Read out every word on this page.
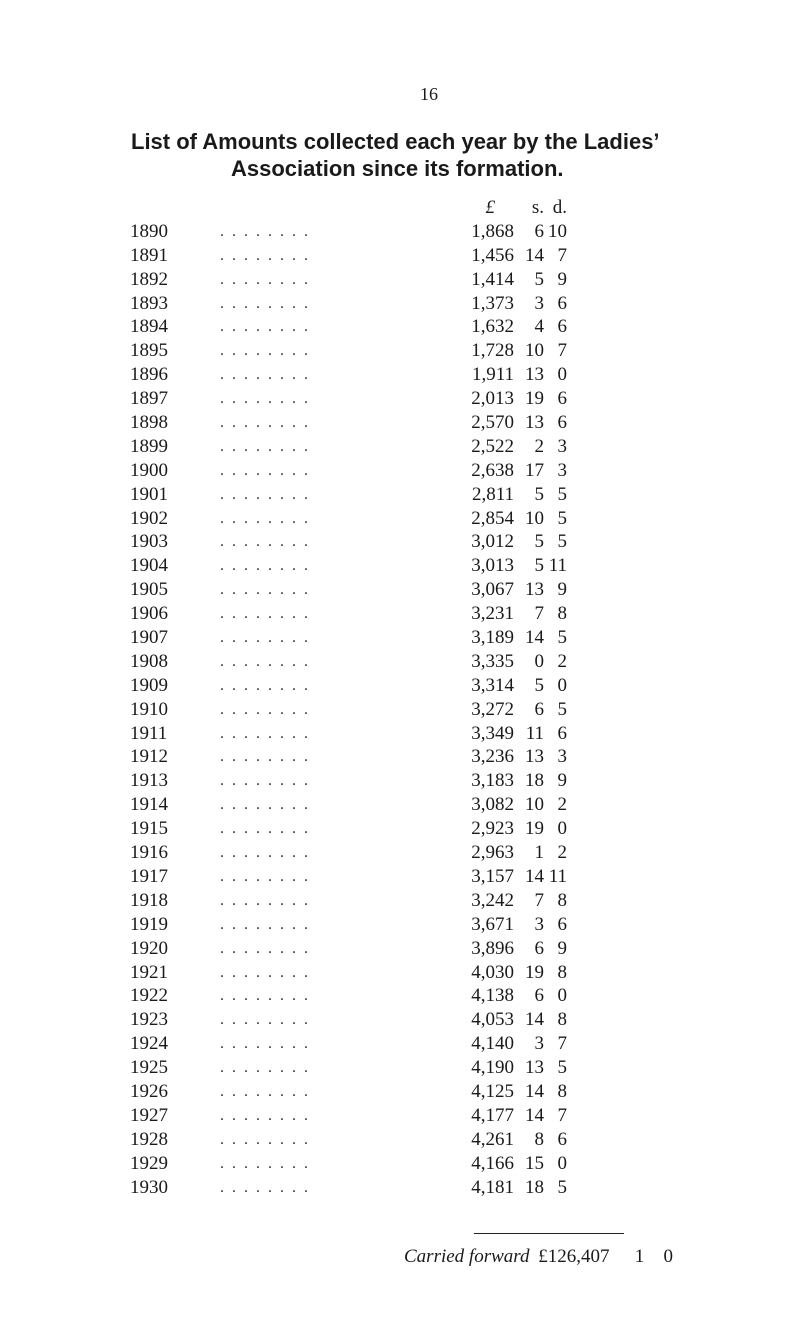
16
List of Amounts collected each year by the Ladies’
Association since its formation.
£	s. d.
1890	. . . . . . . .	1,868	6 10
1891	. . . . . . . .	1,456 14 7
1892	. . . . . . . .	1,414	5 9
1893	. . . . . . . .	1,373	3 6
1894	. . . . . . . .	1,632	4 6
1895	. . . . . . . .	1,728 10 7
1896	. . . . . . . .	1,911 13 0
1897	. . . . . . . .	2,013 19 6
1898	. . . . . . . .	2,570 13 6
1899	. . . . . . . .	2,522	2 3
1900	. . . . . . . .	2,638 17 3
1901	. . . . . . . .	2,811	5 5
1902	. . . . . . . .	2,854 10 5
1903	. . . . . . . .	3,012	5 5
1904	. . . . . . . .	3,013	5 11
1905	. . . . . . . .	3,067 13 9
1906	. . . . . . . .	3,231	7 8
1907	. . . . . . . .	3,189 14 5
1908	. . . . . . . .	3,335	0 2
1909	. . . . . . . .	3,314	5 0
1910	. . . . . . . .	3,272	6 5
1911	. . . . . . . .	3,349 11 6
1912	. . . . . . . .	3,236 13 3
1913	. . . . . . . .	3,183 18 9
1914	. . . . . . . .	3,082 10 2
1915	. . . . . . . .	2,923 19 0
1916	. . . . . . . .	2,963	1 2
1917	. . . . . . . .	3,157 14 11
1918	. . . . . . . .	3,242	7 8
1919	. . . . . . . .	3,671	3 6
1920	. . . . . . . .	3,896	6 9
1921	. . . . . . . .	4,030 19 8
1922	. . . . . . . .	4,138	6 0
1923	. . . . . . . .	4,053 14 8
1924	. . . . . . . .	4,140	3 7
1925	. . . . . . . .	4,190 13 5
1926	. . . . . . . .	4,125 14 8
1927	. . . . . . . .	4,177 14 7
1928	. . . . . . . .	4,261	8 6
1929	. . . . . . . .	4,166 15 0
1930	. . . . . . . .	4,181 18 5
Carried forward £126,407 1 0
